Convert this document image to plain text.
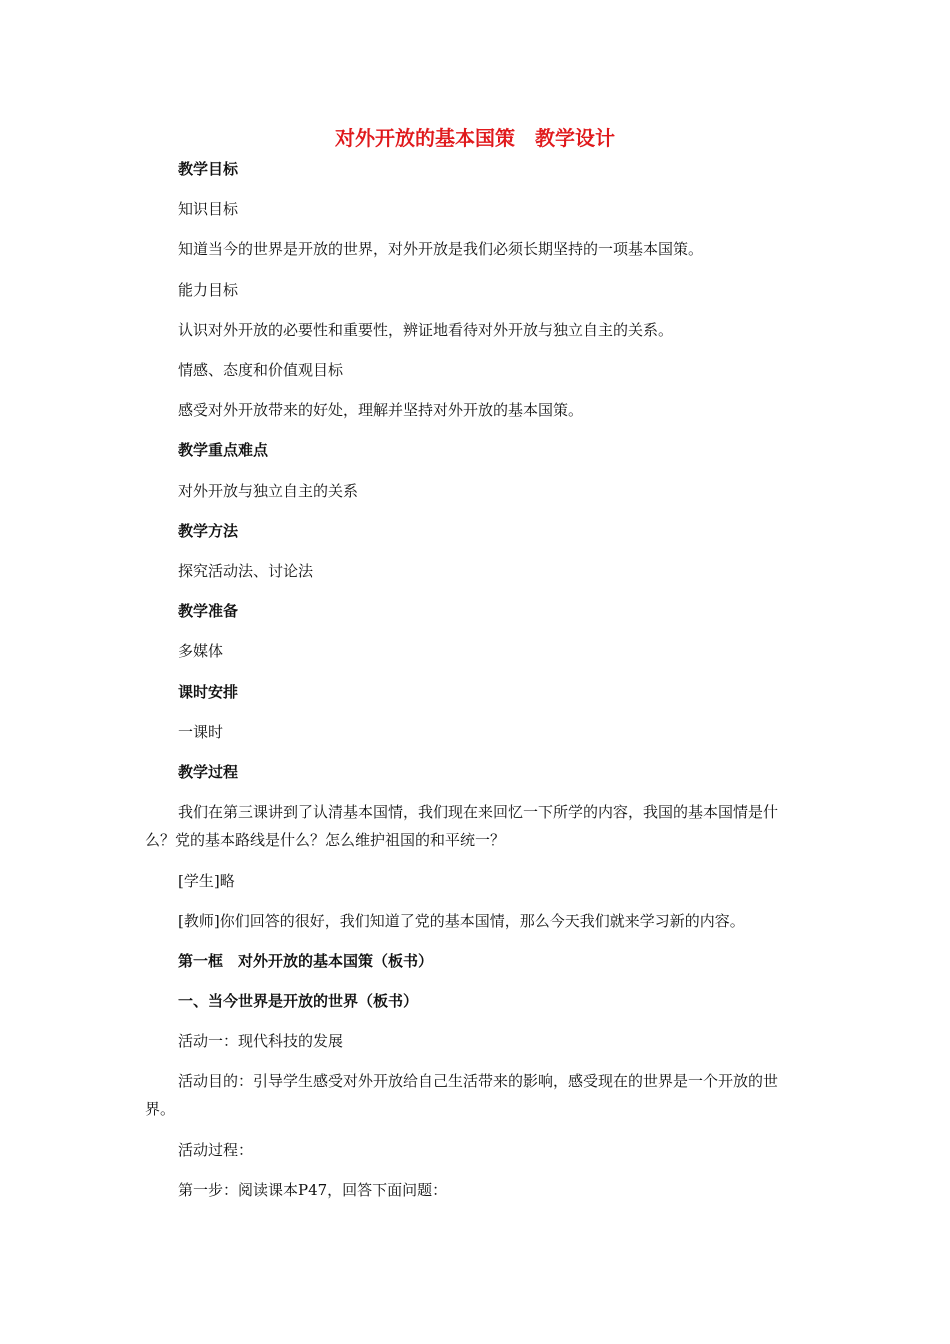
对外开放的基本国策　教学设计
教学目标
知识目标
知道当今的世界是开放的世界，对外开放是我们必须长期坚持的一项基本国策。
能力目标
认识对外开放的必要性和重要性，辨证地看待对外开放与独立自主的关系。
情感、态度和价值观目标
感受对外开放带来的好处，理解并坚持对外开放的基本国策。
教学重点难点
对外开放与独立自主的关系
教学方法
探究活动法、讨论法
教学准备
多媒体
课时安排
一课时
教学过程
我们在第三课讲到了认清基本国情，我们现在来回忆一下所学的内容，我国的基本国情是什么？党的基本路线是什么？怎么维护祖国的和平统一？
[学生]略
[教师]你们回答的很好，我们知道了党的基本国情，那么今天我们就来学习新的内容。
第一框　对外开放的基本国策（板书）
一、当今世界是开放的世界（板书）
活动一：现代科技的发展
活动目的：引导学生感受对外开放给自己生活带来的影响，感受现在的世界是一个开放的世界。
活动过程：
第一步：阅读课本P47，回答下面问题：
